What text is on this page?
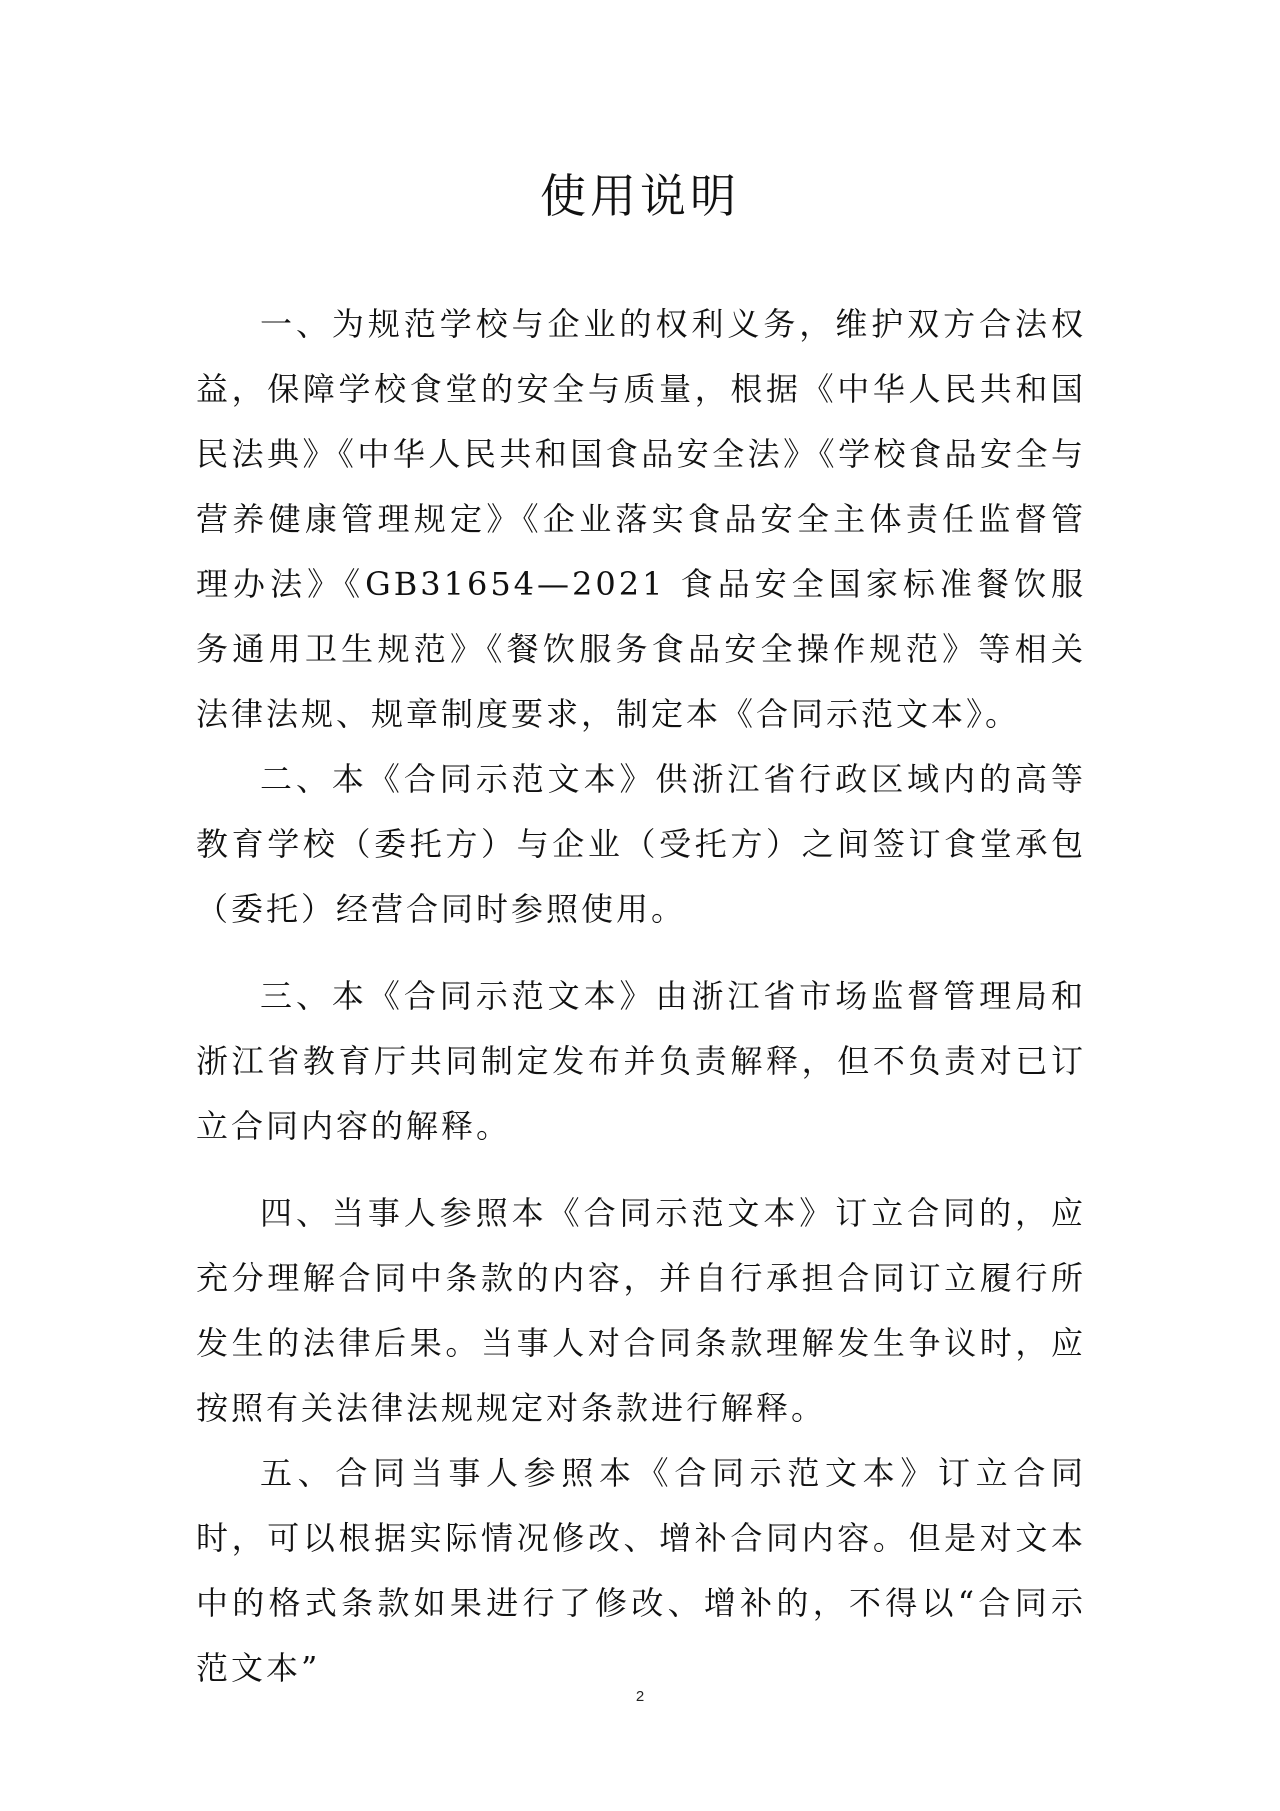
使用说明

一、为规范学校与企业的权利义务，维护双方合法权益，保障学校食堂的安全与质量，根据《中华人民共和国民法典》《中华人民共和国食品安全法》《学校食品安全与营养健康管理规定》《企业落实食品安全主体责任监督管理办法》《GB31654—2021 食品安全国家标准餐饮服务通用卫生规范》《餐饮服务食品安全操作规范》等相关法律法规、规章制度要求，制定本《合同示范文本》。

二、本《合同示范文本》供浙江省行政区域内的高等教育学校（委托方）与企业（受托方）之间签订食堂承包（委托）经营合同时参照使用。

三、本《合同示范文本》由浙江省市场监督管理局和浙江省教育厅共同制定发布并负责解释，但不负责对已订立合同内容的解释。

四、当事人参照本《合同示范文本》订立合同的，应充分理解合同中条款的内容，并自行承担合同订立履行所发生的法律后果。当事人对合同条款理解发生争议时，应按照有关法律法规规定对条款进行解释。

五、合同当事人参照本《合同示范文本》订立合同时，可以根据实际情况修改、增补合同内容。但是对文本中的格式条款如果进行了修改、增补的，不得以“合同示范文本”

2
